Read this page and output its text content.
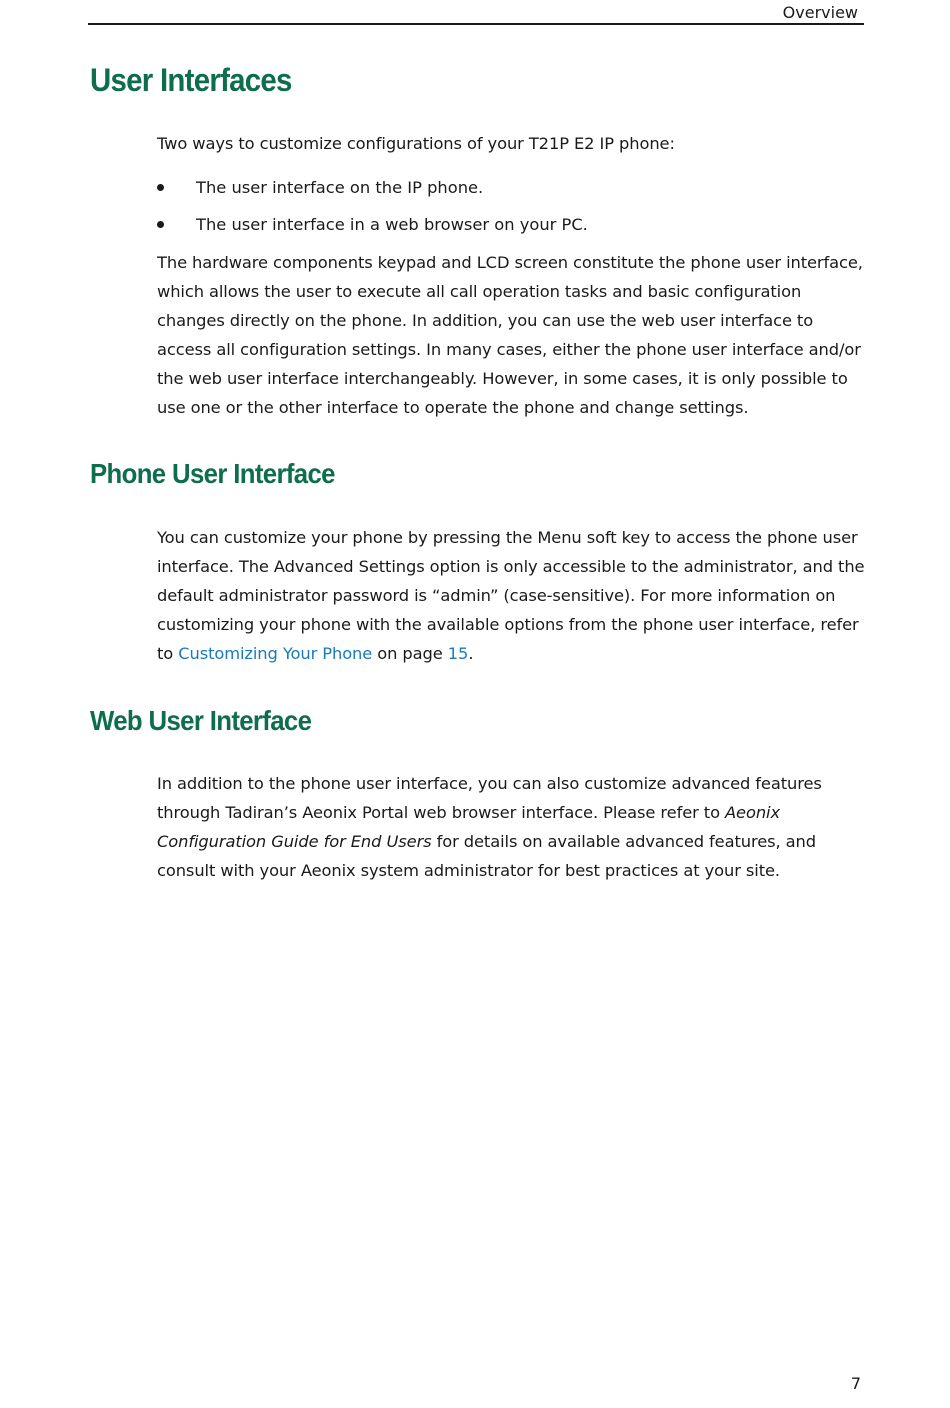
Overview
User Interfaces

Two ways to customize configurations of your T21P E2 IP phone:

The user interface on the IP phone.
The user interface in a web browser on your PC.

The hardware components keypad and LCD screen constitute the phone user interface, which allows the user to execute all call operation tasks and basic configuration changes directly on the phone. In addition, you can use the web user interface to access all configuration settings. In many cases, either the phone user interface and/or the web user interface interchangeably. However, in some cases, it is only possible to use one or the other interface to operate the phone and change settings.

Phone User Interface

You can customize your phone by pressing the Menu soft key to access the phone user interface. The Advanced Settings option is only accessible to the administrator, and the default administrator password is “admin” (case-sensitive). For more information on customizing your phone with the available options from the phone user interface, refer to Customizing Your Phone on page 15.

Web User Interface

In addition to the phone user interface, you can also customize advanced features through Tadiran’s Aeonix Portal web browser interface. Please refer to Aeonix Configuration Guide for End Users for details on available advanced features, and consult with your Aeonix system administrator for best practices at your site.

7
